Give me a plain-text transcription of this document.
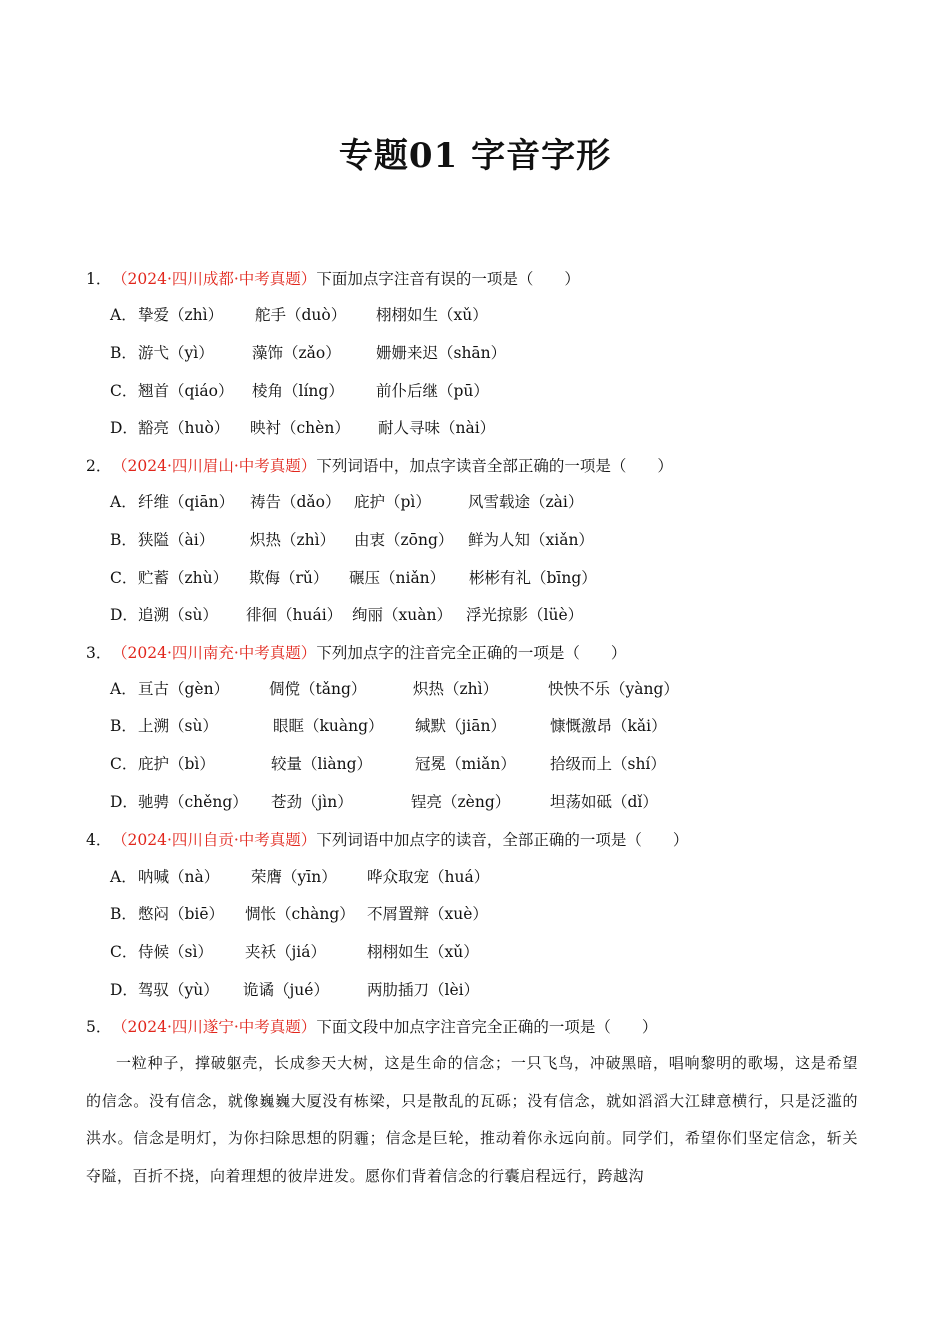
专题01 字音字形
1．（2024·四川成都·中考真题）下面加点字注音有误的一项是（　　）
A．挚爱（zhì） 舵手（duò） 栩栩如生（xǔ）
B．游弋（yì） 藻饰（zǎo） 姗姗来迟（shān）
C．翘首（qiáo） 棱角（líng） 前仆后继（pū）
D．豁亮（huò） 映衬（chèn） 耐人寻味（nài）
2．（2024·四川眉山·中考真题）下列词语中，加点字读音全部正确的一项是（　　）
A．纤维（qiān） 祷告（dǎo） 庇护（pì） 风雪载途（zài）
B．狭隘（ài） 炽热（zhì） 由衷（zōng） 鲜为人知（xiǎn）
C．贮蓄（zhù） 欺侮（rǔ） 碾压（niǎn） 彬彬有礼（bīng）
D．追溯（sù） 徘徊（huái） 绚丽（xuàn） 浮光掠影（lüè）
3．（2024·四川南充·中考真题）下列加点字的注音完全正确的一项是（　　）
A．亘古（gèn）	倜傥（tǎng）	炽热（zhì）	怏怏不乐（yàng）
B．上溯（sù）	眼眶（kuàng） 缄默（jiān）	慷慨激昂（kǎi）
C．庇护（bì）	较量（liàng）	冠冕（miǎn） 拾级而上（shí）
D．驰骋（chěng） 苍劲（jìn）	锃亮（zèng）	坦荡如砥（dǐ）
4．（2024·四川自贡·中考真题）下列词语中加点字的读音，全部正确的一项是（　　）
A．呐喊（nà） 荣膺（yīn） 哗众取宠（huá）
B．憋闷（biē） 惆怅（chàng） 不屑置辩（xuè）
C．侍候（sì） 夹袄（jiá）	栩栩如生（xǔ）
D．驾驭（yù） 诡谲（jué） 两肋插刀（lèi）
5．（2024·四川遂宁·中考真题）下面文段中加点字注音完全正确的一项是（　　）
一粒种子，撑破躯壳，长成参天大树，这是生命的信念；一只飞鸟，冲破黑暗，唱响黎明的歌埸，这是希望的信念。没有信念，就像巍巍大厦没有栋梁，只是散乱的瓦砾；没有信念，就如滔滔大江肆意横行，只是泛滥的洪水。信念是明灯，为你扫除思想的阴霾；信念是巨轮，推动着你永远向前。同学们，希望你们坚定信念，斩关夺隘，百折不挠，向着理想的彼岸进发。愿你们背着信念的行囊启程远行，跨越沟
